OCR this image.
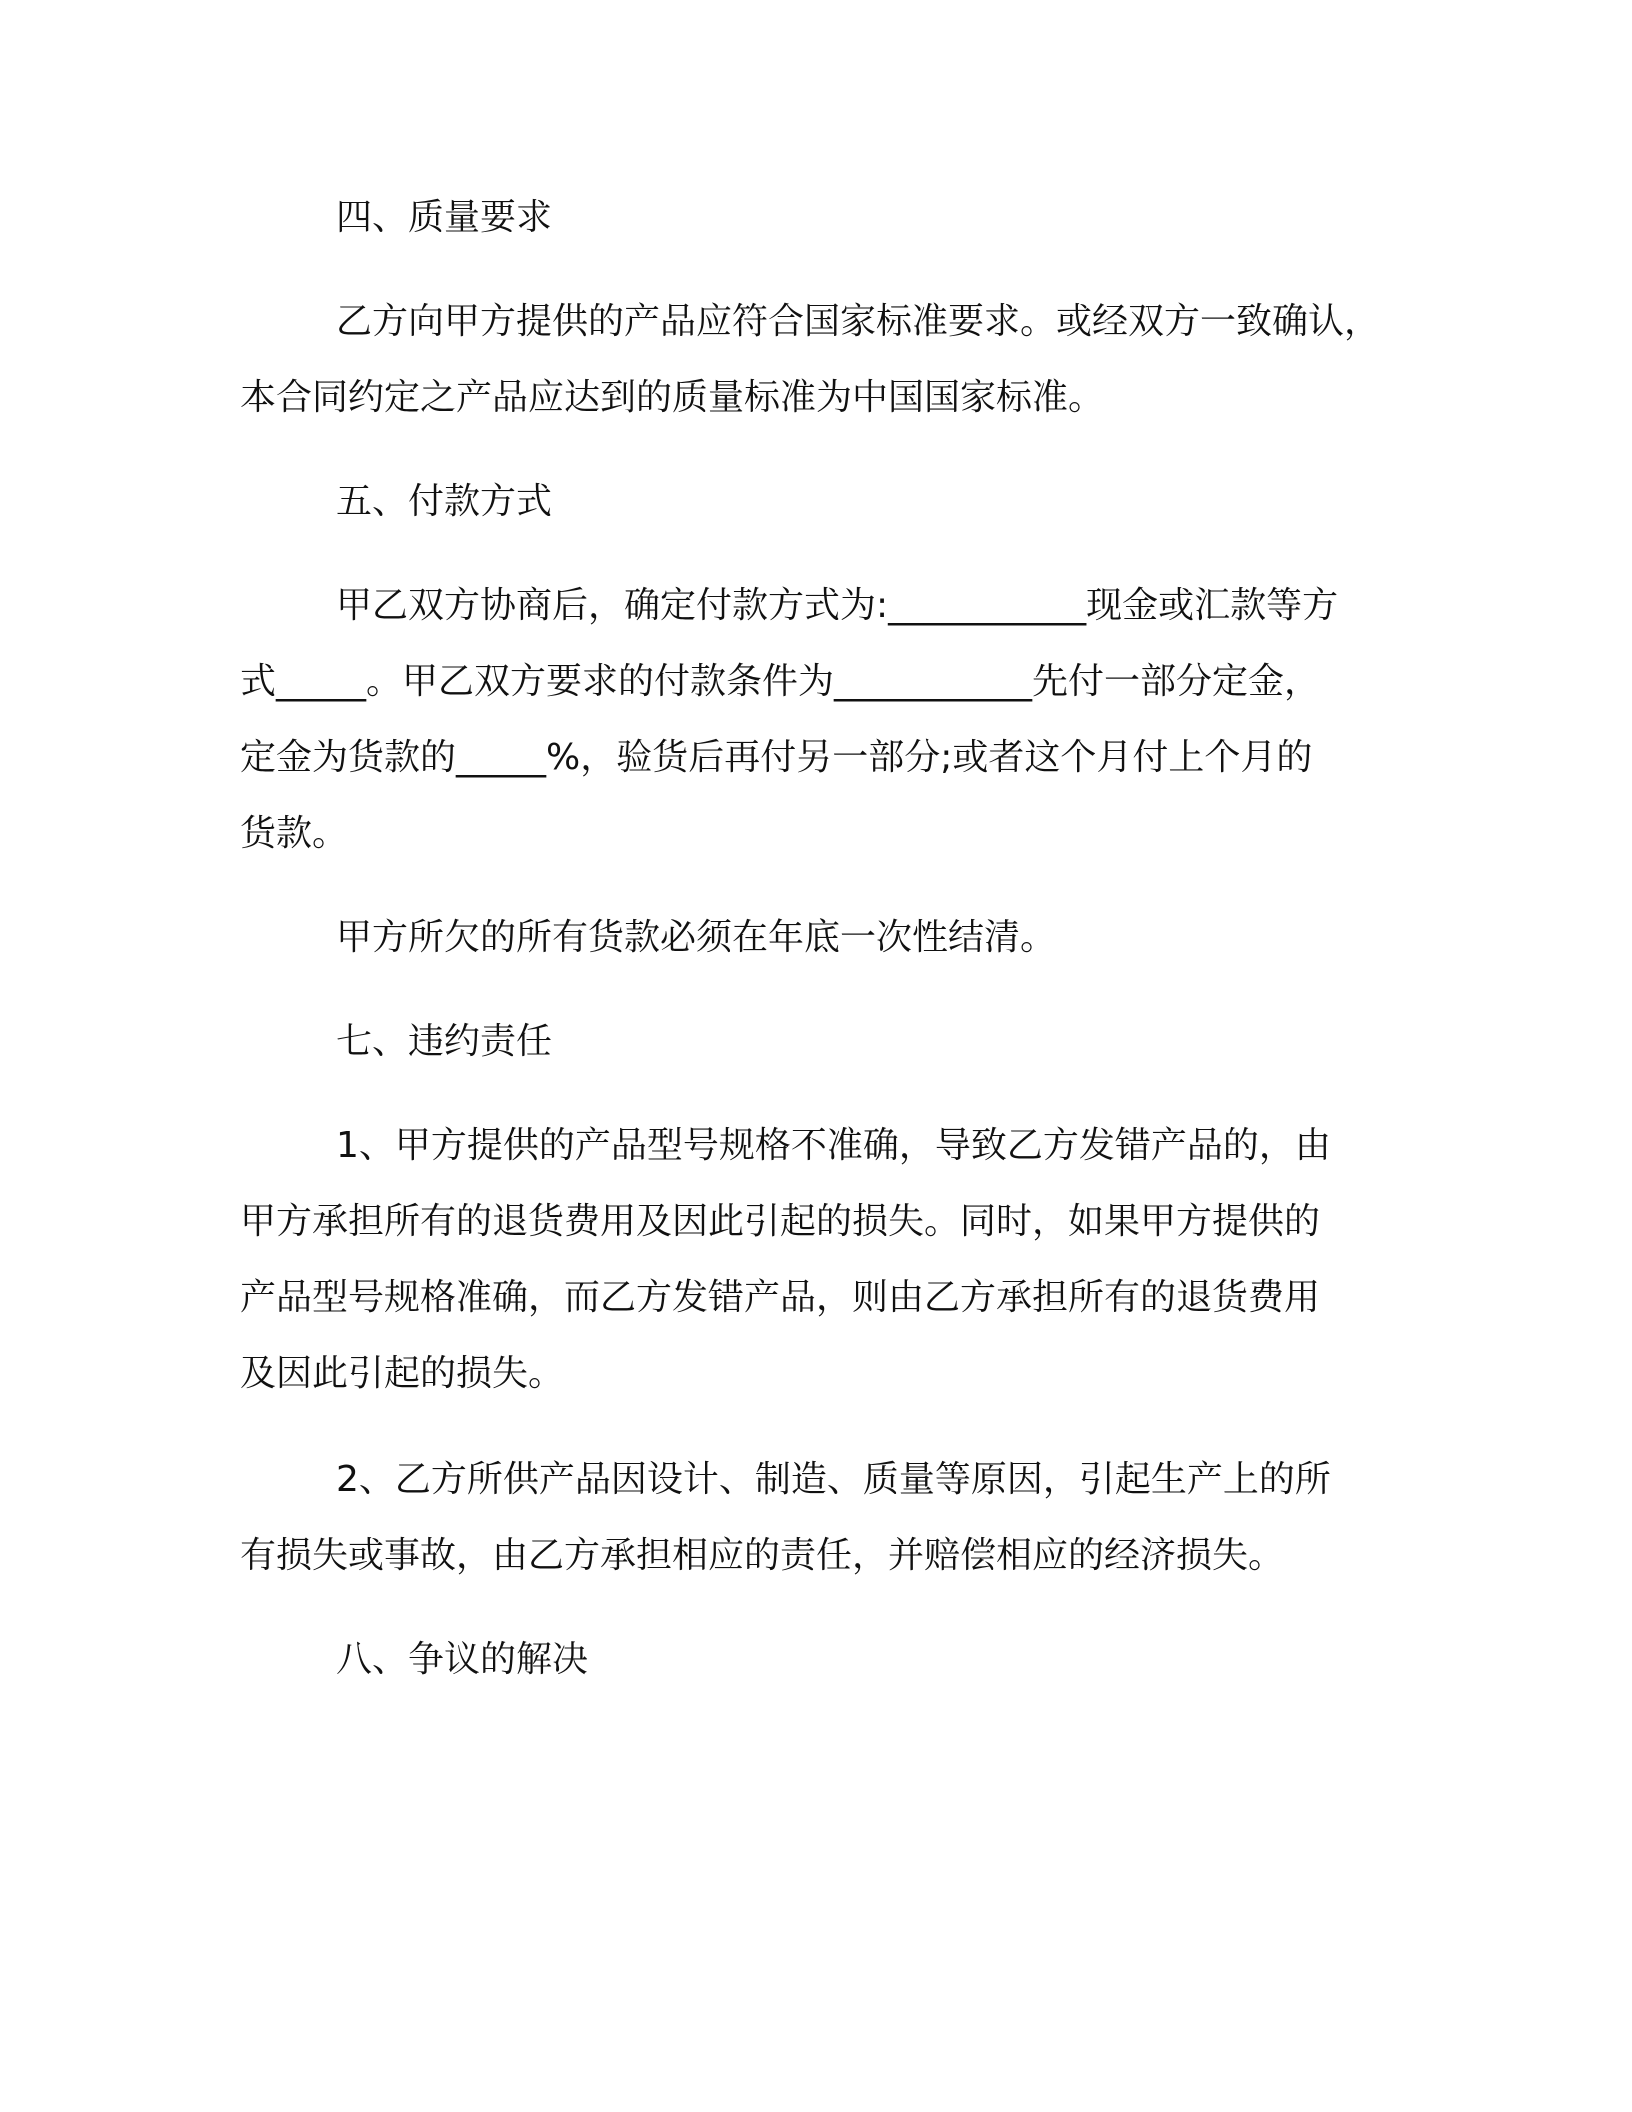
四、质量要求
乙方向甲方提供的产品应符合国家标准要求。或经双方一致确认，
本合同约定之产品应达到的质量标准为中国国家标准。
五、付款方式
甲乙双方协商后，确定付款方式为:___________现金或汇款等方
式_____。甲乙双方要求的付款条件为___________先付一部分定金，
定金为货款的_____%，验货后再付另一部分;或者这个月付上个月的
货款。
甲方所欠的所有货款必须在年底一次性结清。
七、违约责任
1、甲方提供的产品型号规格不准确，导致乙方发错产品的，由
甲方承担所有的退货费用及因此引起的损失。同时，如果甲方提供的
产品型号规格准确，而乙方发错产品，则由乙方承担所有的退货费用
及因此引起的损失。
2、乙方所供产品因设计、制造、质量等原因，引起生产上的所
有损失或事故，由乙方承担相应的责任，并赔偿相应的经济损失。
八、争议的解决
